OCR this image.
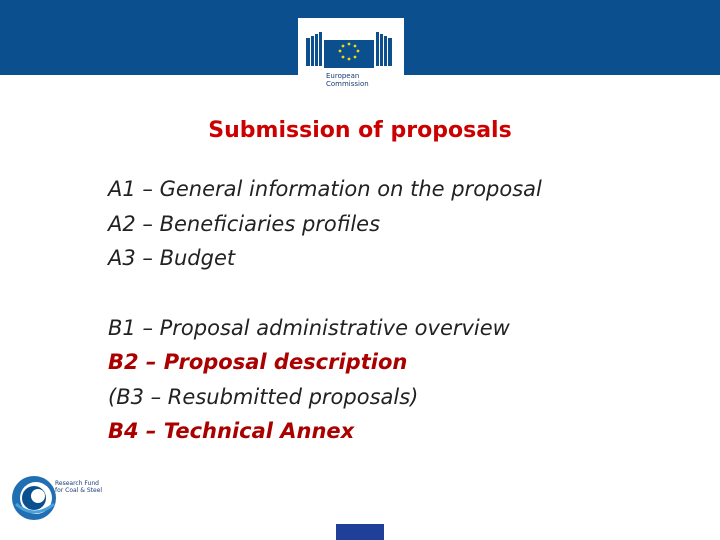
European
Commission
Submission of proposals
A1 – General information on the proposal
A2 – Beneficiaries profiles
A3 – Budget
B1 – Proposal administrative overview
B2 – Proposal description
(B3 – Resubmitted proposals)
B4 – Technical Annex
Research Fund
for Coal & Steel
